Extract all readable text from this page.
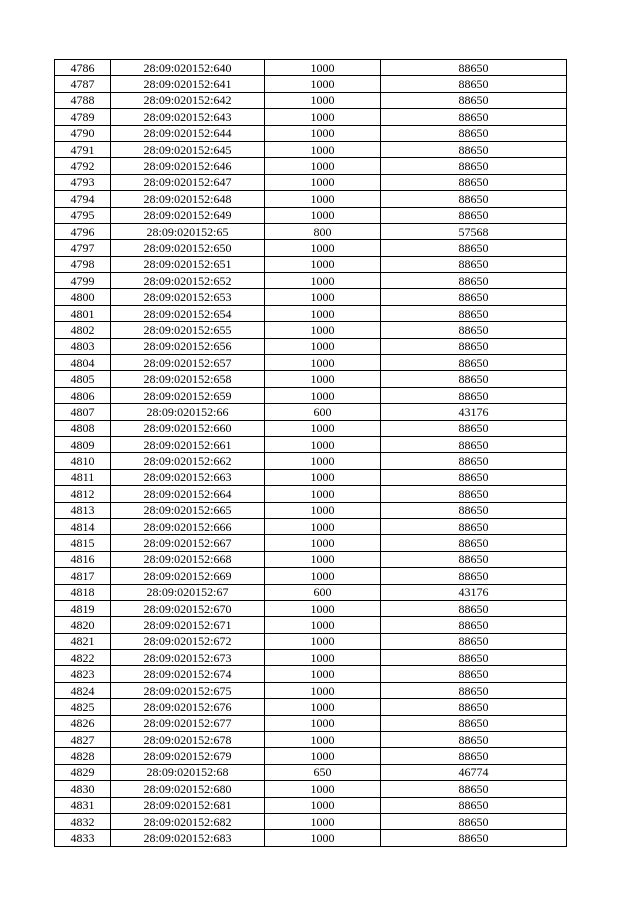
4786	28:09:020152:640	1000	88650
4787	28:09:020152:641	1000	88650
4788	28:09:020152:642	1000	88650
4789	28:09:020152:643	1000	88650
4790	28:09:020152:644	1000	88650
4791	28:09:020152:645	1000	88650
4792	28:09:020152:646	1000	88650
4793	28:09:020152:647	1000	88650
4794	28:09:020152:648	1000	88650
4795	28:09:020152:649	1000	88650
4796	28:09:020152:65	800	57568
4797	28:09:020152:650	1000	88650
4798	28:09:020152:651	1000	88650
4799	28:09:020152:652	1000	88650
4800	28:09:020152:653	1000	88650
4801	28:09:020152:654	1000	88650
4802	28:09:020152:655	1000	88650
4803	28:09:020152:656	1000	88650
4804	28:09:020152:657	1000	88650
4805	28:09:020152:658	1000	88650
4806	28:09:020152:659	1000	88650
4807	28:09:020152:66	600	43176
4808	28:09:020152:660	1000	88650
4809	28:09:020152:661	1000	88650
4810	28:09:020152:662	1000	88650
4811	28:09:020152:663	1000	88650
4812	28:09:020152:664	1000	88650
4813	28:09:020152:665	1000	88650
4814	28:09:020152:666	1000	88650
4815	28:09:020152:667	1000	88650
4816	28:09:020152:668	1000	88650
4817	28:09:020152:669	1000	88650
4818	28:09:020152:67	600	43176
4819	28:09:020152:670	1000	88650
4820	28:09:020152:671	1000	88650
4821	28:09:020152:672	1000	88650
4822	28:09:020152:673	1000	88650
4823	28:09:020152:674	1000	88650
4824	28:09:020152:675	1000	88650
4825	28:09:020152:676	1000	88650
4826	28:09:020152:677	1000	88650
4827	28:09:020152:678	1000	88650
4828	28:09:020152:679	1000	88650
4829	28:09:020152:68	650	46774
4830	28:09:020152:680	1000	88650
4831	28:09:020152:681	1000	88650
4832	28:09:020152:682	1000	88650
4833	28:09:020152:683	1000	88650
